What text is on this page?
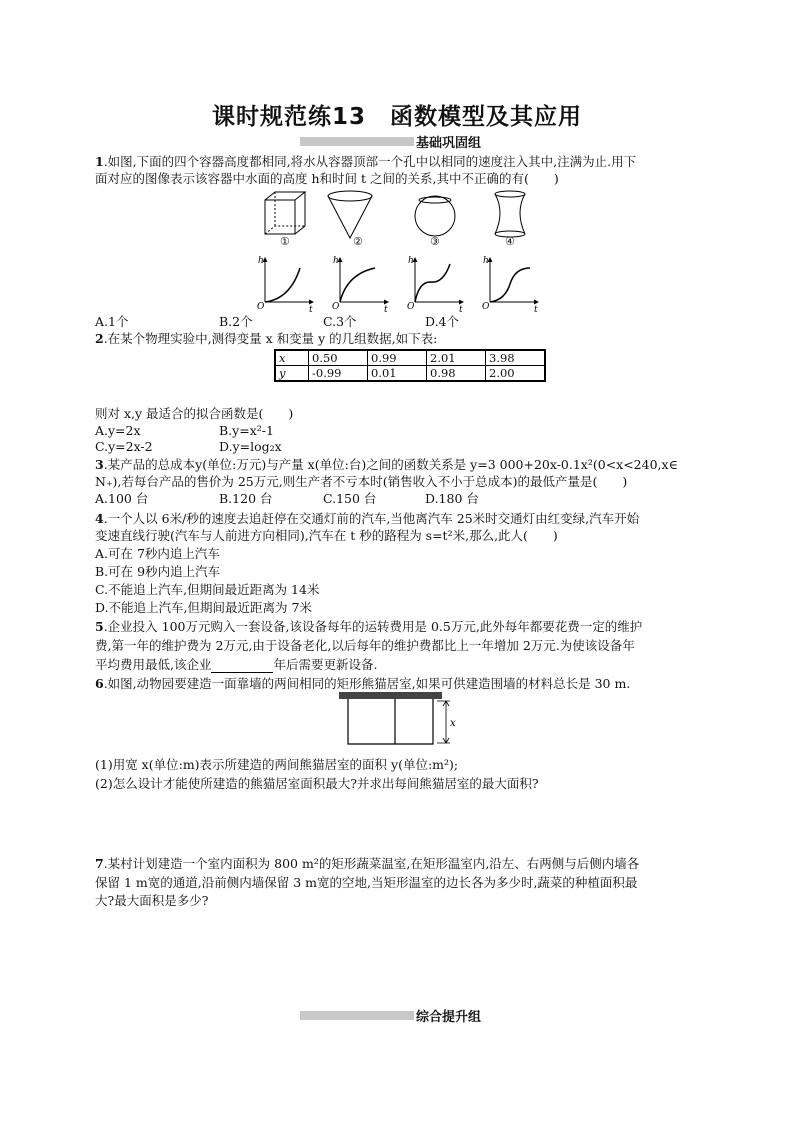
课时规范练13　函数模型及其应用
基础巩固组
1.如图,下面的四个容器高度都相同,将水从容器顶部一个孔中以相同的速度注入其中,注满为止.用下
面对应的图像表示该容器中水面的高度 h和时间 t 之间的关系,其中不正确的有(　　)
①	②	③	④
h
O	t
h
O	t
h
O	t
h
O	t
A.1个	B.2个	C.3个	D.4个
2.在某个物理实验中,测得变量 x 和变量 y 的几组数据,如下表:
x	0.50	0.99	2.01	3.98
y	-0.99	0.01	0.98	2.00
则对 x,y 最适合的拟合函数是(　　)
A.y=2x	B.y=x²-1
C.y=2x-2	D.y=log₂x
3.某产品的总成本y(单位:万元)与产量 x(单位:台)之间的函数关系是 y=3 000+20x-0.1x²(0<x<240,x∈
N₊),若每台产品的售价为 25万元,则生产者不亏本时(销售收入不小于总成本)的最低产量是(　　)
A.100 台	B.120 台	C.150 台	D.180 台
4.一个人以 6米/秒的速度去追赶停在交通灯前的汽车,当他离汽车 25米时交通灯由红变绿,汽车开始
变速直线行驶(汽车与人前进方向相同),汽车在 t 秒的路程为 s=t²米,那么,此人(　　)
A.可在 7秒内追上汽车
B.可在 9秒内追上汽车
C.不能追上汽车,但期间最近距离为 14米
D.不能追上汽车,但期间最近距离为 7米
5.企业投入 100万元购入一套设备,该设备每年的运转费用是 0.5万元,此外每年都要花费一定的维护
费,第一年的维护费为 2万元,由于设备老化,以后每年的维护费都比上一年增加 2万元.为使该设备年
平均费用最低,该企业	年后需要更新设备.
6.如图,动物园要建造一面靠墙的两间相同的矩形熊猫居室,如果可供建造围墙的材料总长是 30 m.
x
(1)用宽 x(单位:m)表示所建造的两间熊猫居室的面积 y(单位:m²);
(2)怎么设计才能使所建造的熊猫居室面积最大?并求出每间熊猫居室的最大面积?
7.某村计划建造一个室内面积为 800 m²的矩形蔬菜温室,在矩形温室内,沿左、右两侧与后侧内墙各
保留 1 m宽的通道,沿前侧内墙保留 3 m宽的空地,当矩形温室的边长各为多少时,蔬菜的种植面积最
大?最大面积是多少?
综合提升组
